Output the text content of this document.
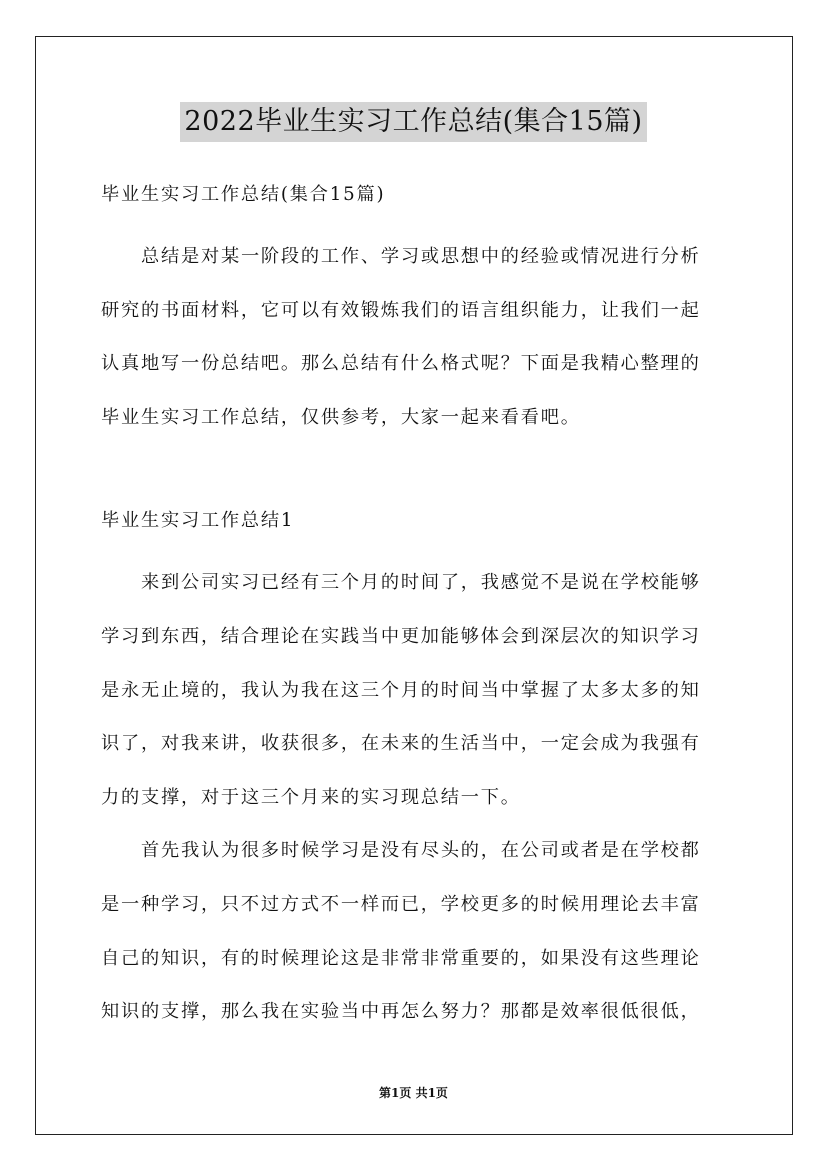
2022毕业生实习工作总结(集合15篇)
毕业生实习工作总结(集合15篇)
总结是对某一阶段的工作、学习或思想中的经验或情况进行分析
研究的书面材料，它可以有效锻炼我们的语言组织能力，让我们一起
认真地写一份总结吧。那么总结有什么格式呢？下面是我精心整理的
毕业生实习工作总结，仅供参考，大家一起来看看吧。
毕业生实习工作总结1
来到公司实习已经有三个月的时间了，我感觉不是说在学校能够
学习到东西，结合理论在实践当中更加能够体会到深层次的知识学习
是永无止境的，我认为我在这三个月的时间当中掌握了太多太多的知
识了，对我来讲，收获很多，在未来的生活当中，一定会成为我强有
力的支撑，对于这三个月来的实习现总结一下。
首先我认为很多时候学习是没有尽头的，在公司或者是在学校都
是一种学习，只不过方式不一样而已，学校更多的时候用理论去丰富
自己的知识，有的时候理论这是非常非常重要的，如果没有这些理论
知识的支撑，那么我在实验当中再怎么努力？那都是效率很低很低，
第1页 共1页
